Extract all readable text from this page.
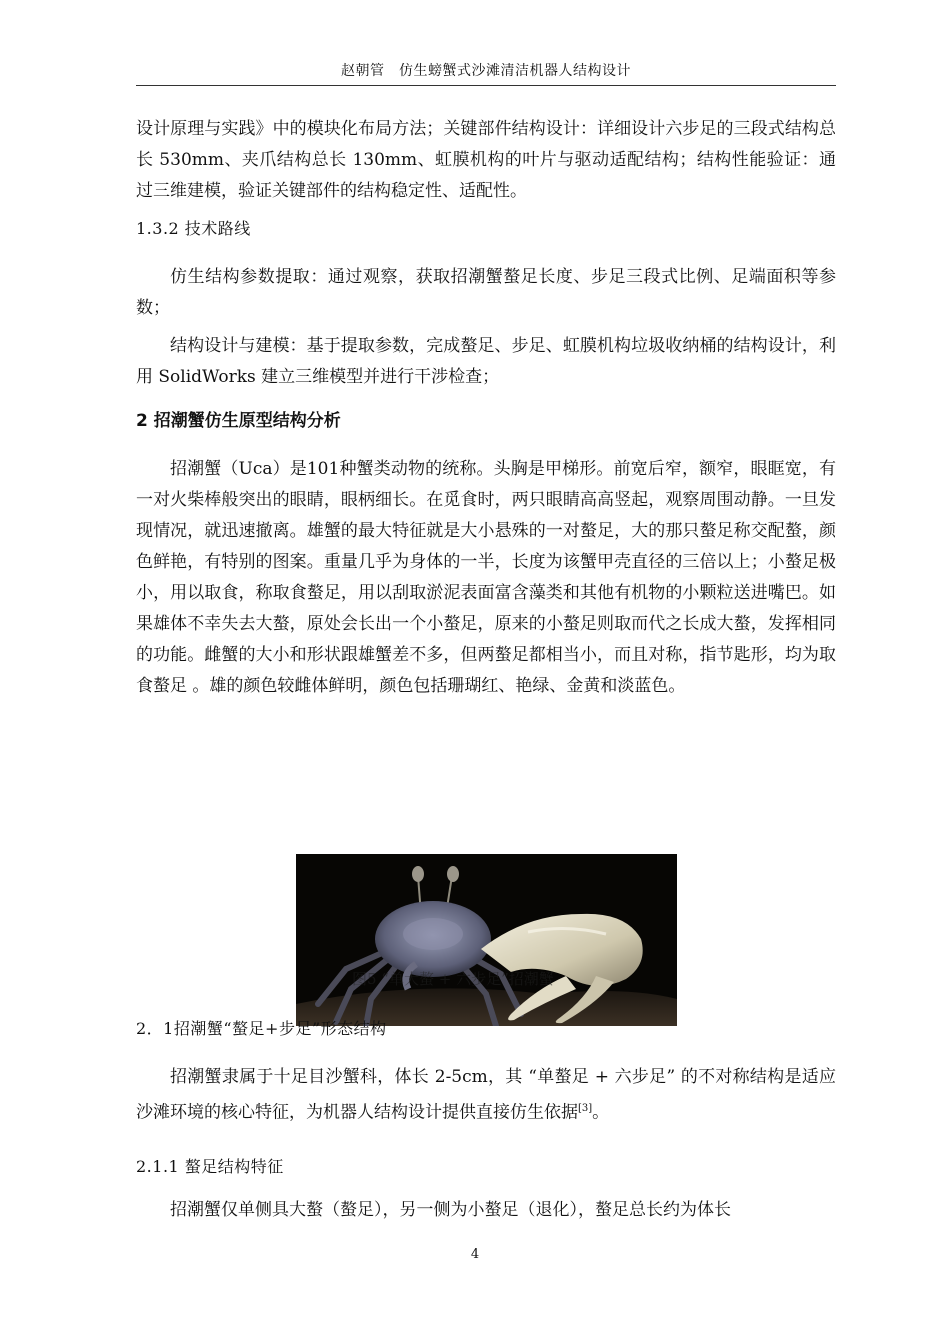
赵朝管　仿生螃蟹式沙滩清洁机器人结构设计

设计原理与实践》中的模块化布局方法；关键部件结构设计：详细设计六步足的三段式结构总长 530mm、夹爪结构总长 130mm、虹膜机构的叶片与驱动适配结构；结构性能验证：通过三维建模，验证关键部件的结构稳定性、适配性。

1.3.2 技术路线

仿生结构参数提取：通过观察，获取招潮蟹螯足长度、步足三段式比例、足端面积等参数；

结构设计与建模：基于提取参数，完成螯足、步足、虹膜机构垃圾收纳桶的结构设计，利用 SolidWorks 建立三维模型并进行干涉检查；

2 招潮蟹仿生原型结构分析

招潮蟹（Uca）是101种蟹类动物的统称。头胸是甲梯形。前宽后窄，额窄，眼眶宽，有一对火柴棒般突出的眼睛，眼柄细长。在觅食时，两只眼睛高高竖起，观察周围动静。一旦发现情况，就迅速撤离。雄蟹的最大特征就是大小悬殊的一对螯足，大的那只螯足称交配螯，颜色鲜艳，有特别的图案。重量几乎为身体的一半，长度为该蟹甲壳直径的三倍以上；小螯足极小，用以取食，称取食螯足，用以刮取淤泥表面富含藻类和其他有机物的小颗粒送进嘴巴。如果雄体不幸失去大螯，原处会长出一个小螯足，原来的小螯足则取而代之长成大螯，发挥相同的功能。雌蟹的大小和形状跟雄蟹差不多，但两螯足都相当小，而且对称，指节匙形，均为取食螯足 。雄的颜色较雌体鲜明，颜色包括珊瑚红、艳绿、金黄和淡蓝色。

图5 “单大螯 + 六步足”招潮蟹

2．1招潮蟹“螯足+步足”形态结构

招潮蟹隶属于十足目沙蟹科，体长 2-5cm，其 “单螯足 + 六步足” 的不对称结构是适应沙滩环境的核心特征，为机器人结构设计提供直接仿生依据[3]。

2.1.1 螯足结构特征

招潮蟹仅单侧具大螯（螯足），另一侧为小螯足（退化），螯足总长约为体长

4
